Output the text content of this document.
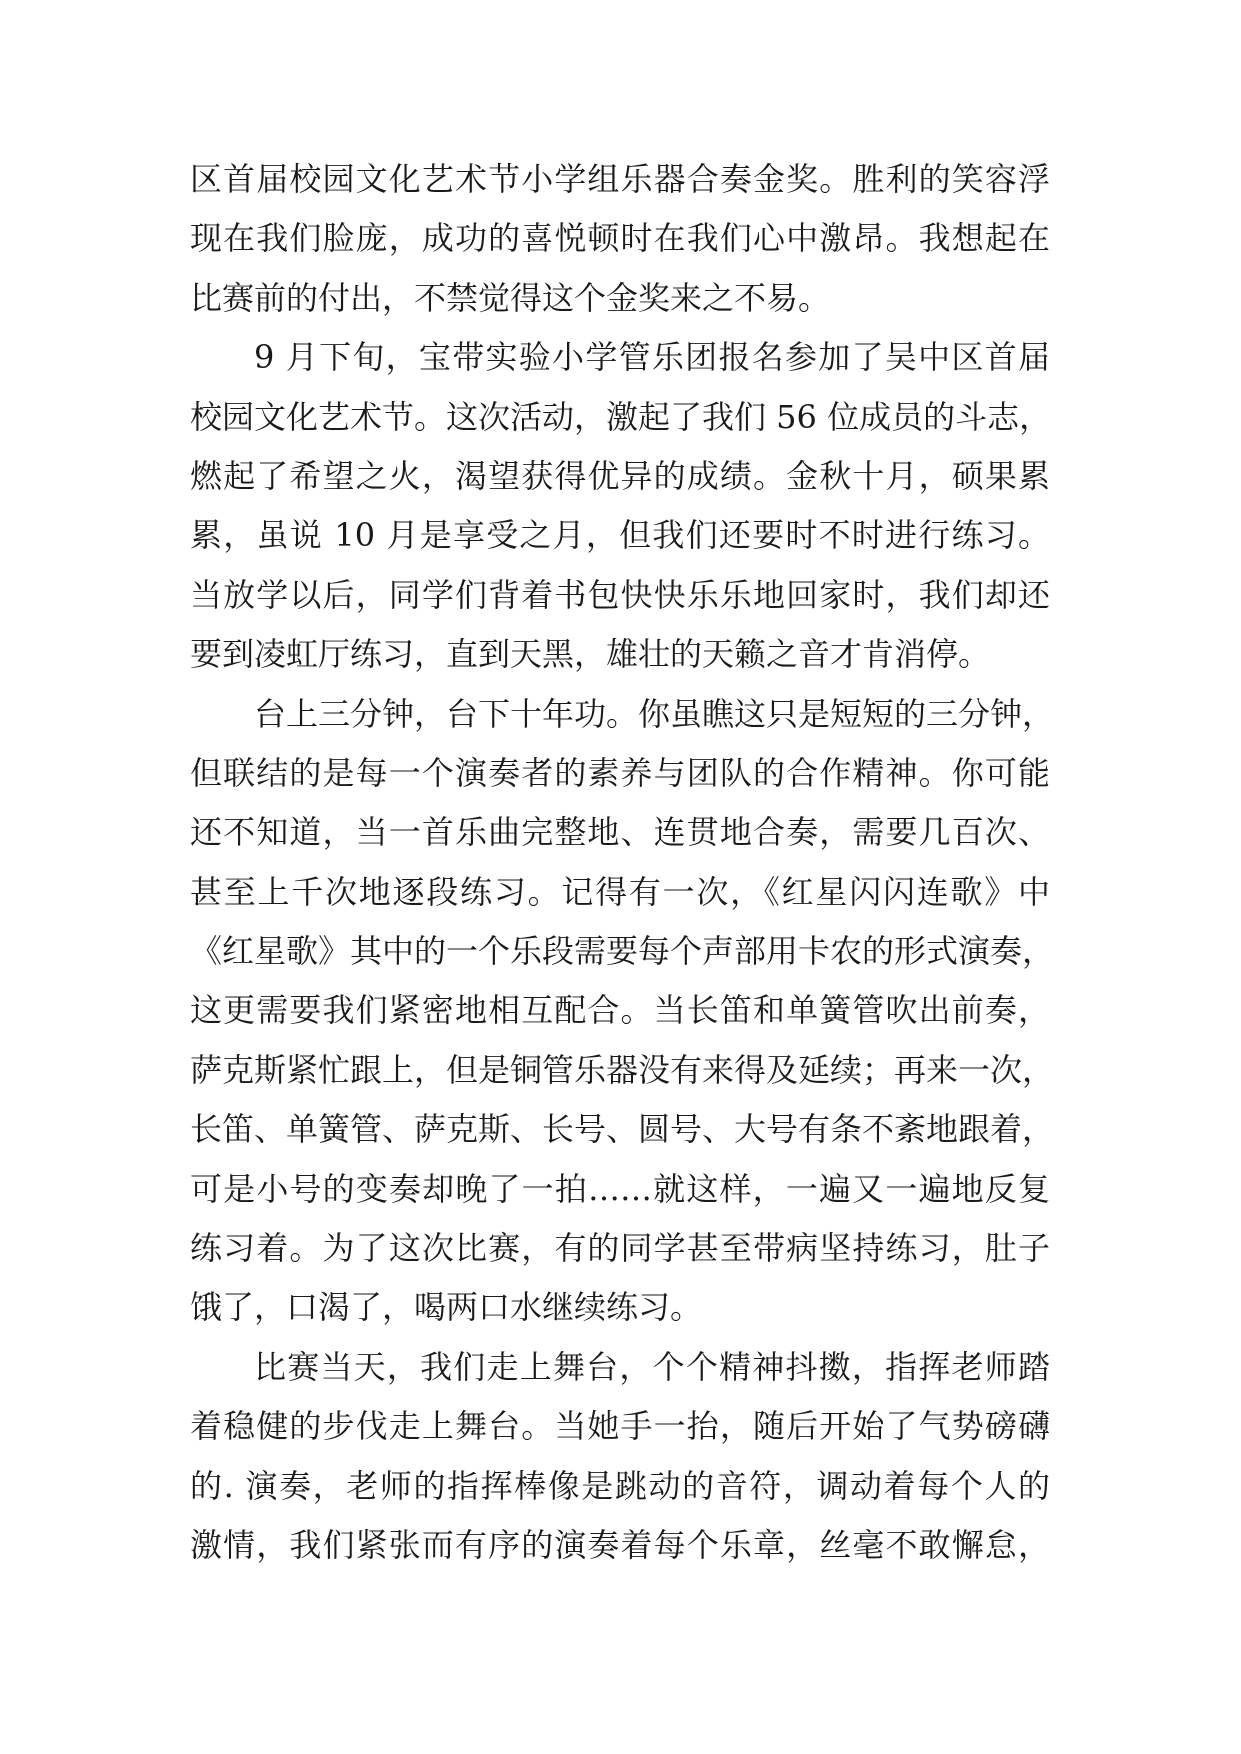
区首届校园文化艺术节小学组乐器合奏金奖。胜利的笑容浮
现在我们脸庞，成功的喜悦顿时在我们心中激昂。我想起在
比赛前的付出，不禁觉得这个金奖来之不易。
9 月下旬，宝带实验小学管乐团报名参加了吴中区首届
校园文化艺术节。这次活动，激起了我们 56 位成员的斗志，
燃起了希望之火，渴望获得优异的成绩。金秋十月，硕果累
累，虽说 10 月是享受之月，但我们还要时不时进行练习。
当放学以后，同学们背着书包快快乐乐地回家时，我们却还
要到凌虹厅练习，直到天黑，雄壮的天籁之音才肯消停。
台上三分钟，台下十年功。你虽瞧这只是短短的三分钟，
但联结的是每一个演奏者的素养与团队的合作精神。你可能
还不知道，当一首乐曲完整地、连贯地合奏，需要几百次、
甚至上千次地逐段练习。记得有一次，《红星闪闪连歌》中
《红星歌》其中的一个乐段需要每个声部用卡农的形式演奏，
这更需要我们紧密地相互配合。当长笛和单簧管吹出前奏，
萨克斯紧忙跟上，但是铜管乐器没有来得及延续；再来一次，
长笛、单簧管、萨克斯、长号、圆号、大号有条不紊地跟着，
可是小号的变奏却晚了一拍……就这样，一遍又一遍地反复
练习着。为了这次比赛，有的同学甚至带病坚持练习，肚子
饿了，口渴了，喝两口水继续练习。
比赛当天，我们走上舞台，个个精神抖擞，指挥老师踏
着稳健的步伐走上舞台。当她手一抬，随后开始了气势磅礴
的. 演奏，老师的指挥棒像是跳动的音符，调动着每个人的
激情，我们紧张而有序的演奏着每个乐章，丝毫不敢懈怠，
